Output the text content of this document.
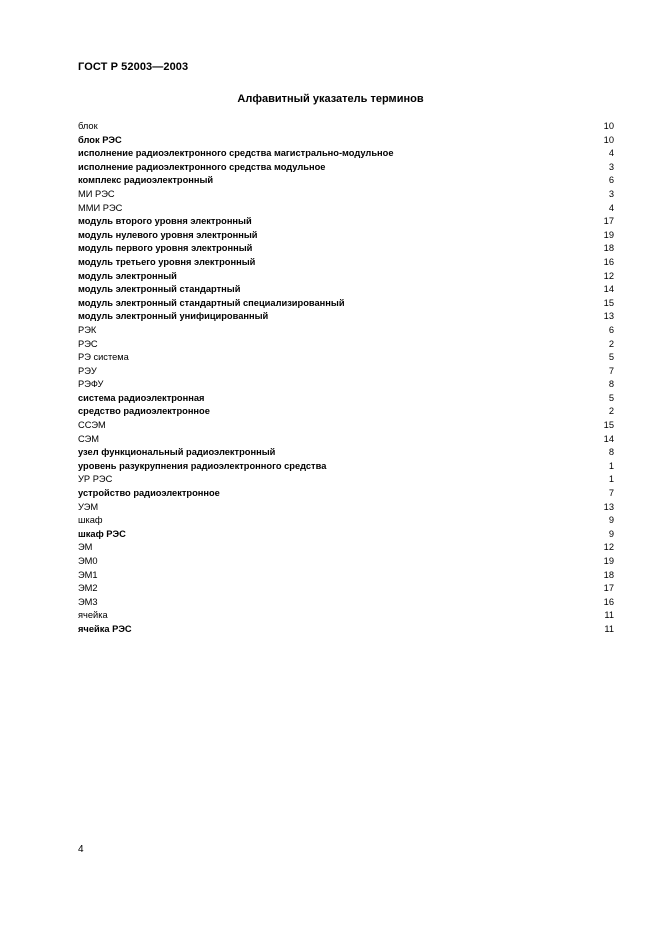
ГОСТ Р 52003—2003
Алфавитный указатель терминов
блок	10
блок РЭС	10
исполнение радиоэлектронного средства магистрально-модульное	4
исполнение радиоэлектронного средства модульное	3
комплекс радиоэлектронный	6
МИ РЭС	3
ММИ РЭС	4
модуль второго уровня электронный	17
модуль нулевого уровня электронный	19
модуль первого уровня электронный	18
модуль третьего уровня электронный	16
модуль электронный	12
модуль электронный стандартный	14
модуль электронный стандартный специализированный	15
модуль электронный унифицированный	13
РЭК	6
РЭС	2
РЭ система	5
РЭУ	7
РЭФУ	8
система радиоэлектронная	5
средство радиоэлектронное	2
ССЭМ	15
СЭМ	14
узел функциональный радиоэлектронный	8
уровень разукрупнения радиоэлектронного средства	1
УР РЭС	1
устройство радиоэлектронное	7
УЭМ	13
шкаф	9
шкаф РЭС	9
ЭМ	12
ЭМ0	19
ЭМ1	18
ЭМ2	17
ЭМ3	16
ячейка	11
ячейка РЭС	11
4
